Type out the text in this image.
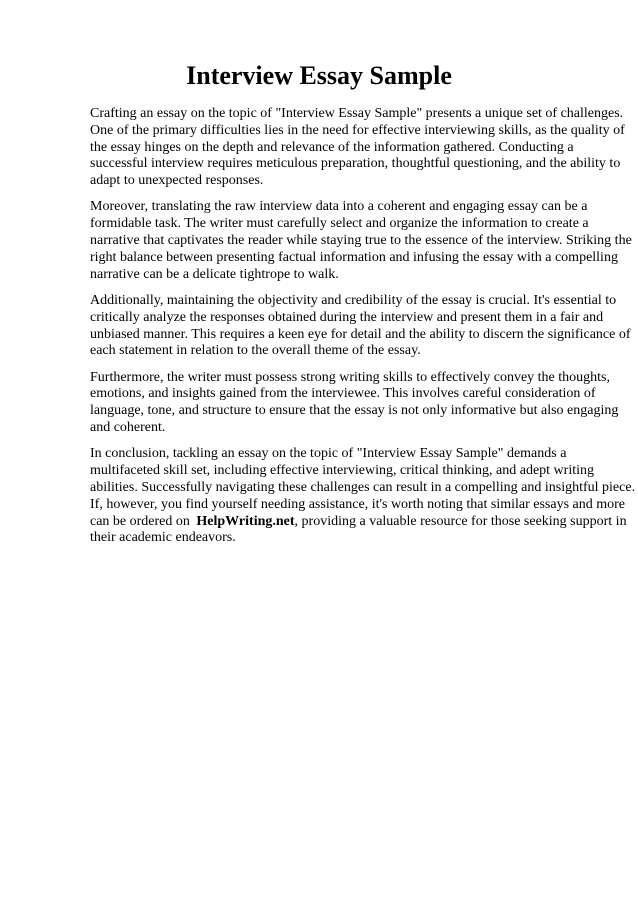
Interview Essay Sample

Crafting an essay on the topic of "Interview Essay Sample" presents a unique set of challenges.
One of the primary difficulties lies in the need for effective interviewing skills, as the quality of
the essay hinges on the depth and relevance of the information gathered. Conducting a
successful interview requires meticulous preparation, thoughtful questioning, and the ability to
adapt to unexpected responses.

Moreover, translating the raw interview data into a coherent and engaging essay can be a
formidable task. The writer must carefully select and organize the information to create a
narrative that captivates the reader while staying true to the essence of the interview. Striking the
right balance between presenting factual information and infusing the essay with a compelling
narrative can be a delicate tightrope to walk.

Additionally, maintaining the objectivity and credibility of the essay is crucial. It's essential to
critically analyze the responses obtained during the interview and present them in a fair and
unbiased manner. This requires a keen eye for detail and the ability to discern the significance of
each statement in relation to the overall theme of the essay.

Furthermore, the writer must possess strong writing skills to effectively convey the thoughts,
emotions, and insights gained from the interviewee. This involves careful consideration of
language, tone, and structure to ensure that the essay is not only informative but also engaging
and coherent.

In conclusion, tackling an essay on the topic of "Interview Essay Sample" demands a
multifaceted skill set, including effective interviewing, critical thinking, and adept writing
abilities. Successfully navigating these challenges can result in a compelling and insightful piece.
If, however, you find yourself needing assistance, it's worth noting that similar essays and more
can be ordered on HelpWriting.net, providing a valuable resource for those seeking support in
their academic endeavors.
